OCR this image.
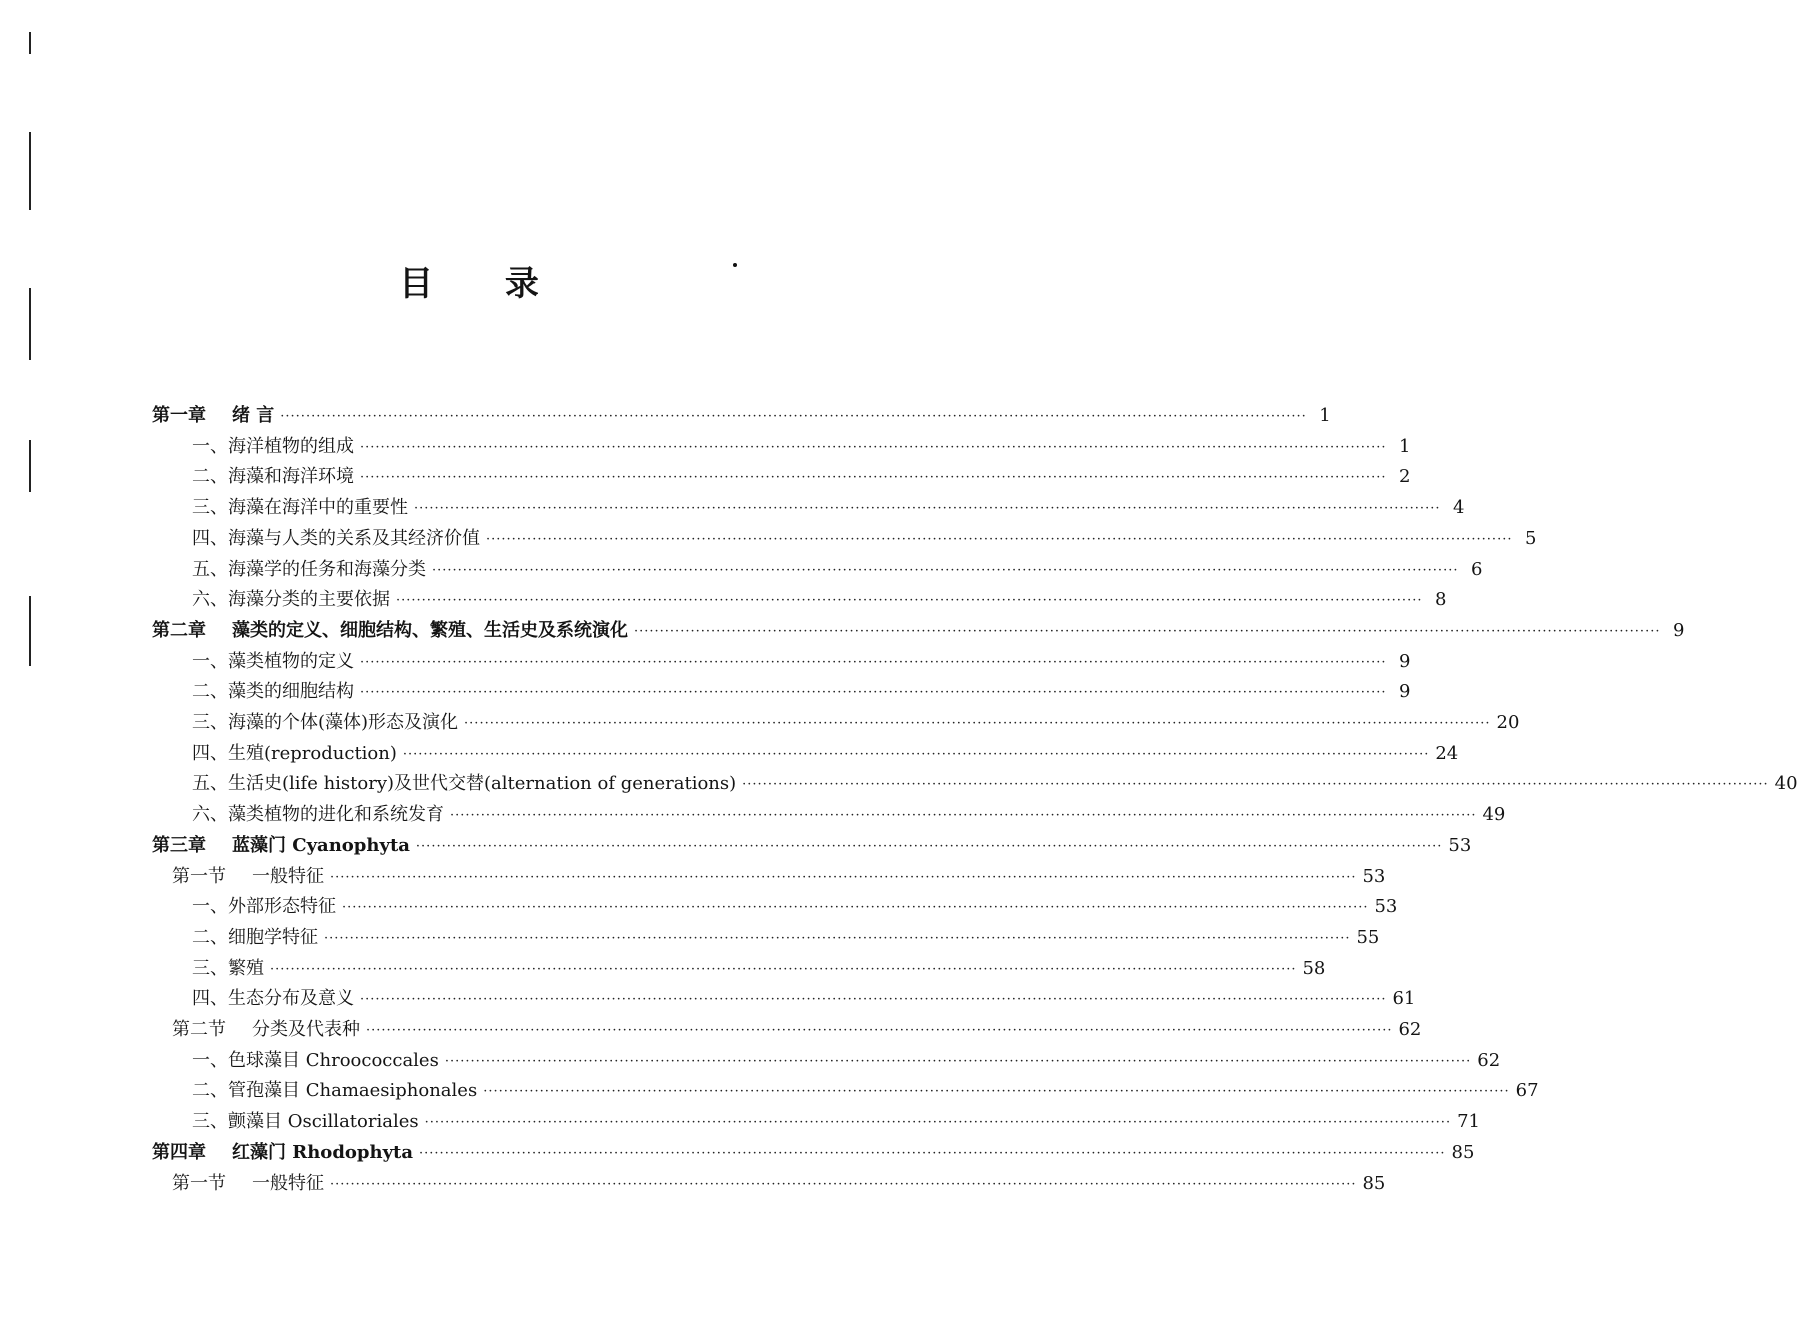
目 录
第一章 绪 言 ········································································································································································································ 1
一、海洋植物的组成 ········································································································································································································ 1
二、海藻和海洋环境 ········································································································································································································ 2
三、海藻在海洋中的重要性 ········································································································································································································ 4
四、海藻与人类的关系及其经济价值 ········································································································································································································ 5
五、海藻学的任务和海藻分类 ········································································································································································································ 6
六、海藻分类的主要依据 ········································································································································································································ 8
第二章 藻类的定义、细胞结构、繁殖、生活史及系统演化 ········································································································································································································ 9
一、藻类植物的定义 ········································································································································································································ 9
二、藻类的细胞结构 ········································································································································································································ 9
三、海藻的个体(藻体)形态及演化 ········································································································································································································ 20
四、生殖(reproduction) ········································································································································································································ 24
五、生活史(life history)及世代交替(alternation of generations) ········································································································································································································ 40
六、藻类植物的进化和系统发育 ········································································································································································································ 49
第三章 蓝藻门 Cyanophyta ········································································································································································································ 53
第一节 一般特征 ········································································································································································································ 53
一、外部形态特征 ········································································································································································································ 53
二、细胞学特征 ········································································································································································································ 55
三、繁殖 ········································································································································································································ 58
四、生态分布及意义 ········································································································································································································ 61
第二节 分类及代表种 ········································································································································································································ 62
一、色球藻目 Chroococcales ········································································································································································································ 62
二、管孢藻目 Chamaesiphonales ········································································································································································································ 67
三、颤藻目 Oscillatoriales ········································································································································································································ 71
第四章 红藻门 Rhodophyta ········································································································································································································ 85
第一节 一般特征 ········································································································································································································ 85
